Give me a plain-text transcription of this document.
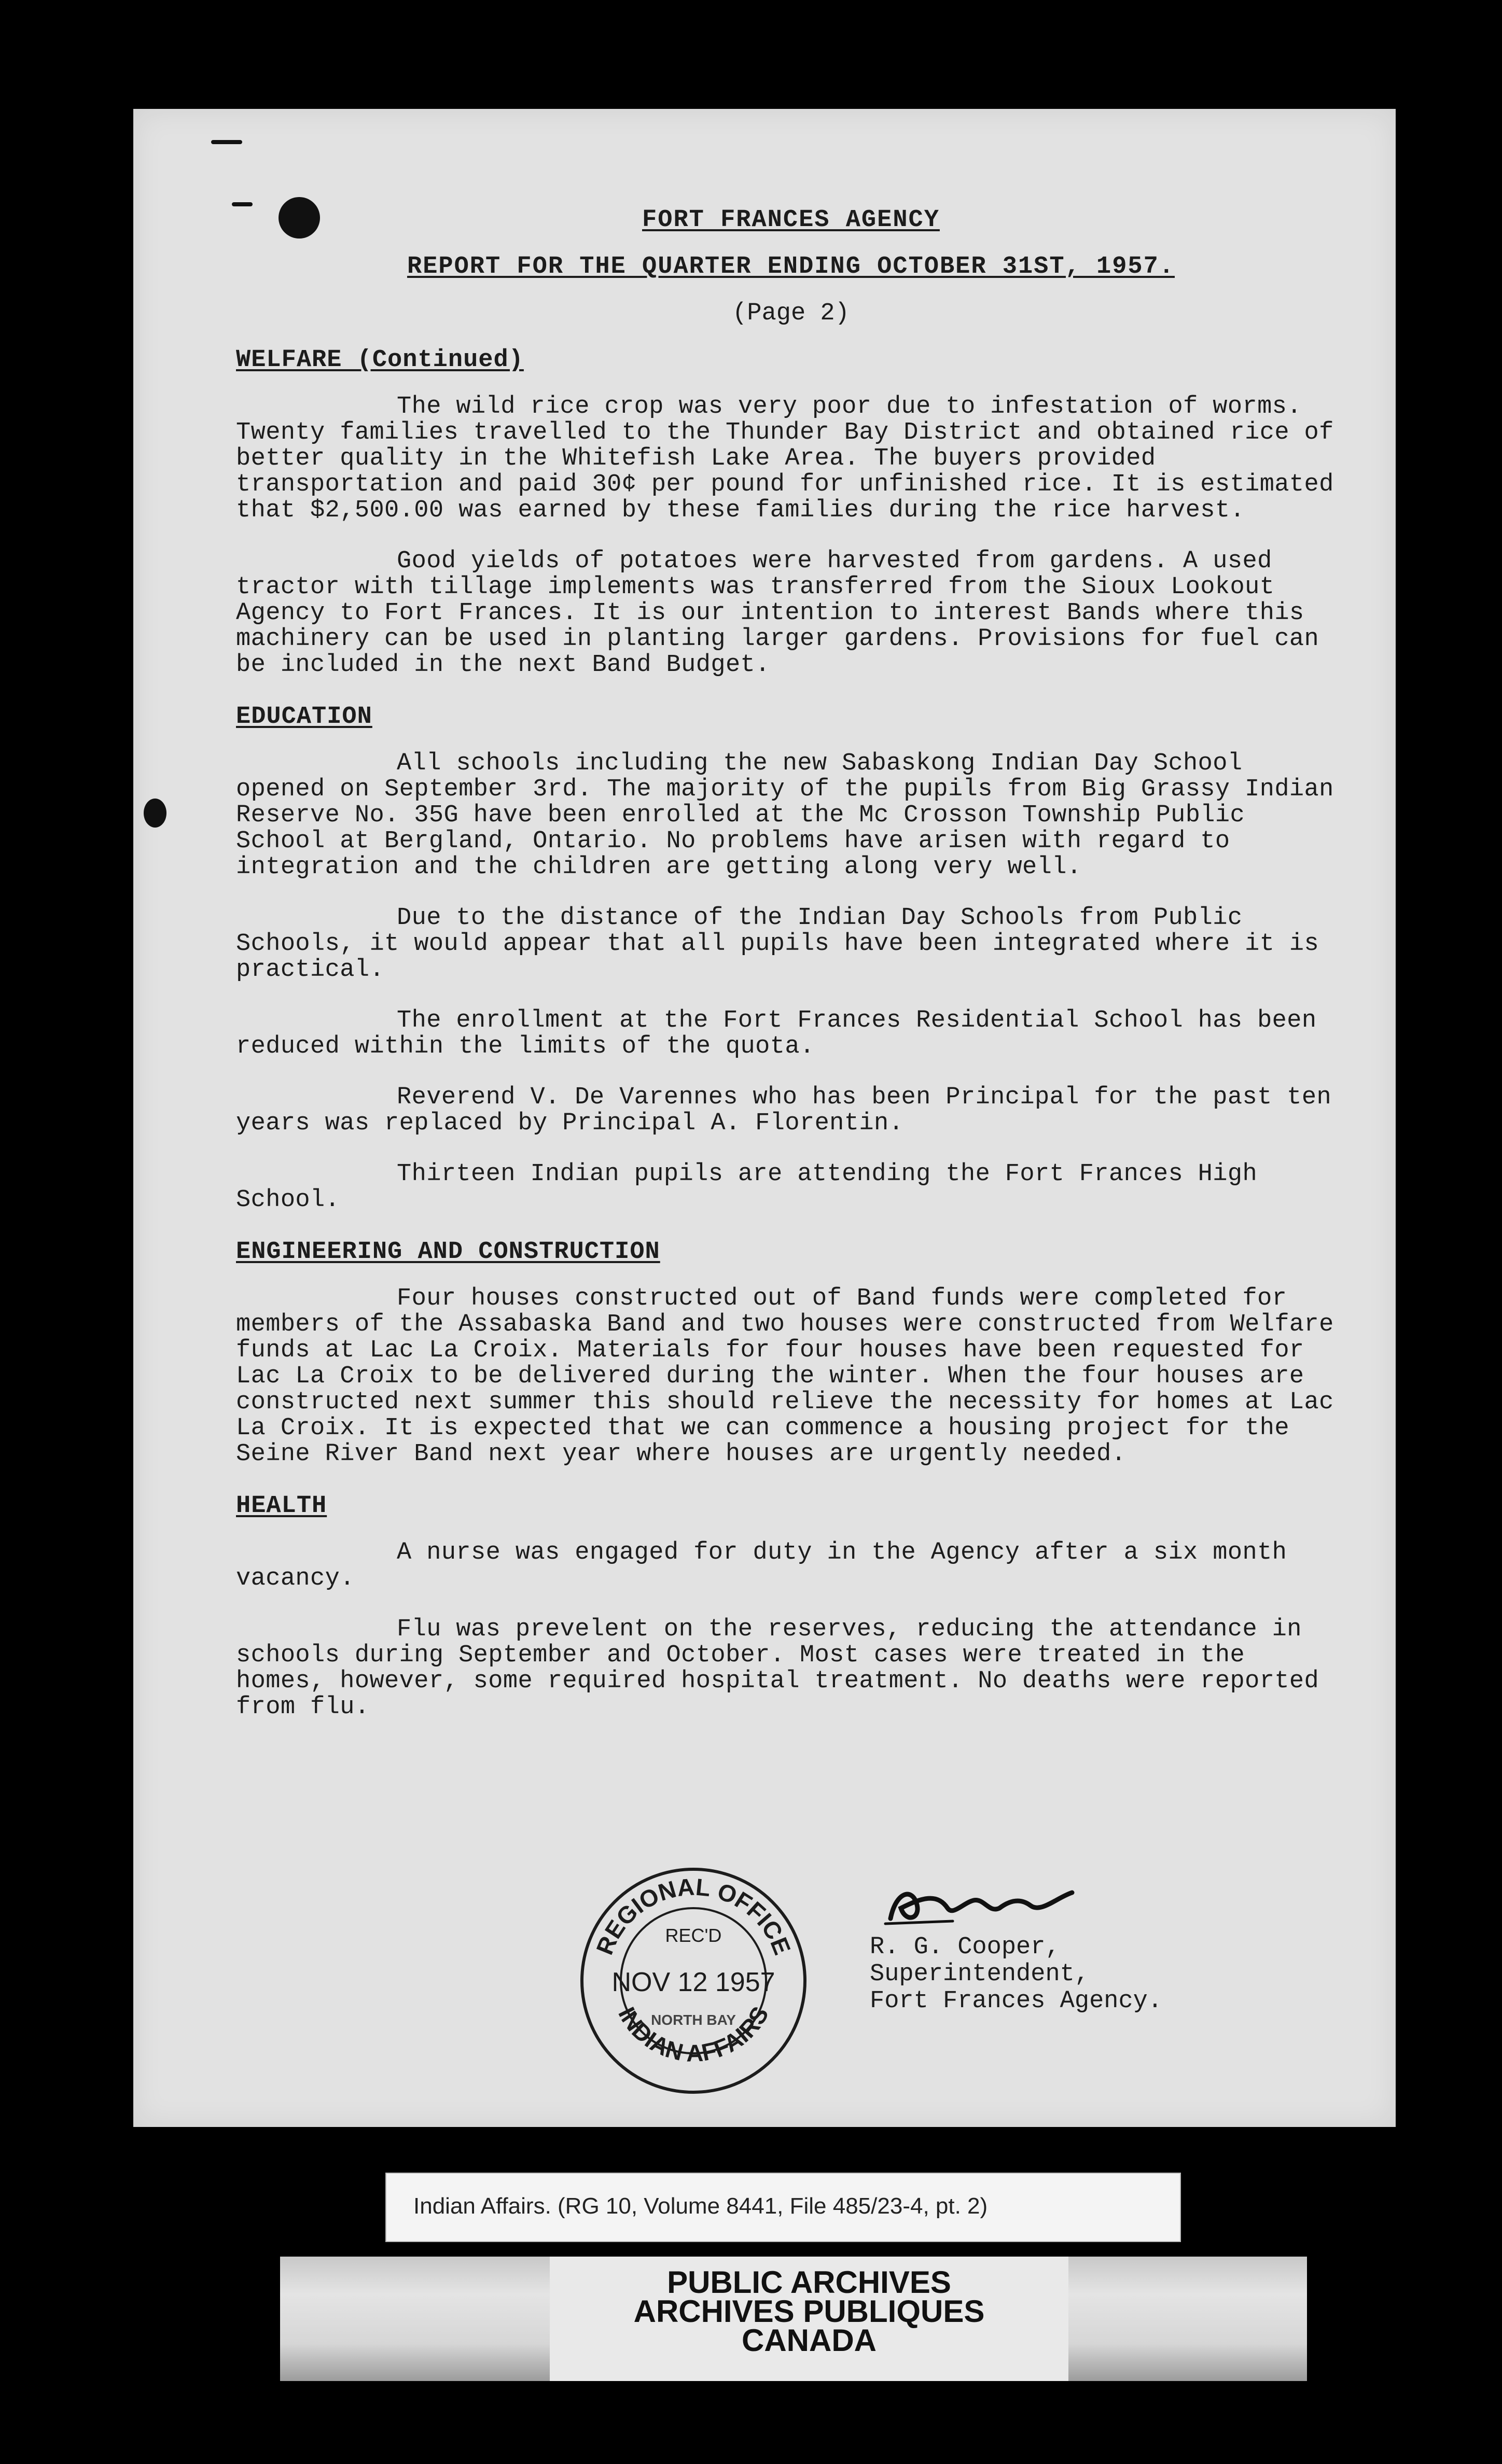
FORT FRANCES AGENCY
REPORT FOR THE QUARTER ENDING OCTOBER 31ST, 1957.
(Page 2)
WELFARE (Continued)

The wild rice crop was very poor due to infestation of worms. Twenty families travelled to the Thunder Bay District and obtained rice of better quality in the Whitefish Lake Area. The buyers provided transportation and paid 30¢ per pound for unfinished rice. It is estimated that $2,500.00 was earned by these families during the rice harvest.

Good yields of potatoes were harvested from gardens. A used tractor with tillage implements was transferred from the Sioux Lookout Agency to Fort Frances. It is our intention to interest Bands where this machinery can be used in planting larger gardens. Provisions for fuel can be included in the next Band Budget.

EDUCATION

All schools including the new Sabaskong Indian Day School opened on September 3rd. The majority of the pupils from Big Grassy Indian Reserve No. 35G have been enrolled at the Mc Crosson Township Public School at Bergland, Ontario. No problems have arisen with regard to integration and the children are getting along very well.

Due to the distance of the Indian Day Schools from Public Schools, it would appear that all pupils have been integrated where it is practical.

The enrollment at the Fort Frances Residential School has been reduced within the limits of the quota.

Reverend V. De Varennes who has been Principal for the past ten years was replaced by Principal A. Florentin.

Thirteen Indian pupils are attending the Fort Frances High School.

ENGINEERING AND CONSTRUCTION

Four houses constructed out of Band funds were completed for members of the Assabaska Band and two houses were constructed from Welfare funds at Lac La Croix. Materials for four houses have been requested for Lac La Croix to be delivered during the winter. When the four houses are constructed next summer this should relieve the necessity for homes at Lac La Croix. It is expected that we can commence a housing project for the Seine River Band next year where houses are urgently needed.

HEALTH

A nurse was engaged for duty in the Agency after a six month vacancy.

Flu was prevelent on the reserves, reducing the attendance in schools during September and October. Most cases were treated in the homes, however, some required hospital treatment. No deaths were reported from flu.

REGIONAL OFFICE
INDIAN AFFAIRS
REC'D
NOV 12 1957
NORTH BAY
R. G. Cooper,
Superintendent,
Fort Frances Agency.
Indian Affairs. (RG 10, Volume 8441, File 485/23-4, pt. 2)
PUBLIC ARCHIVES
ARCHIVES PUBLIQUES
CANADA
